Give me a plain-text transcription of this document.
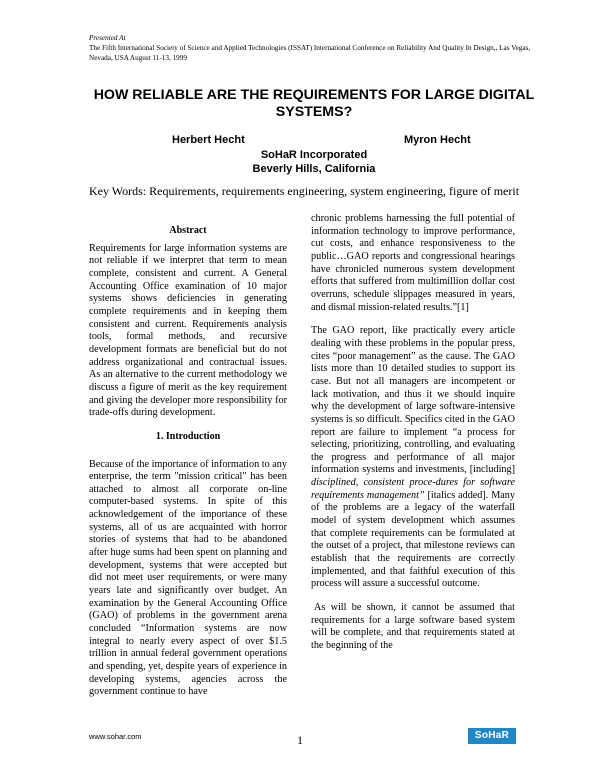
Presented At
The Fifth International Society of Science and Applied Technologies (ISSAT) International Conference on Reliability And Quality In Design,, Las Vegas, Nevada, USA August 11-13, 1999
HOW RELIABLE ARE THE REQUIREMENTS FOR LARGE DIGITAL SYSTEMS?
Herbert Hecht	Myron Hecht
SoHaR Incorporated
Beverly Hills, California
Key Words: Requirements, requirements engineering, system engineering, figure of merit
Abstract

Requirements for large information systems are not reliable if we interpret that term to mean complete, consistent and current. A General Accounting Office examination of 10 major systems shows deficiencies in generating complete requirements and in keeping them consistent and current. Requirements analysis tools, formal methods, and recursive development formats are beneficial but do not address organizational and contractual issues. As an alternative to the current methodology we discuss a figure of merit as the key requirement and giving the developer more responsibility for trade-offs during development.

1. Introduction

Because of the importance of information to any enterprise, the term "mission critical" has been attached to almost all corporate on-line computer-based systems. In spite of this acknowledgement of the importance of these systems, all of us are acquainted with horror stories of systems that had to be abandoned after huge sums had been spent on planning and development, systems that were accepted but did not meet user requirements, or were many years late and significantly over budget. An examination by the General Accounting Office (GAO) of problems in the government arena concluded “Information systems are now integral to nearly every aspect of over $1.5 trillion in annual federal government operations and spending, yet, despite years of experience in developing systems, agencies across the government continue to have

chronic problems harnessing the full potential of information technology to improve performance, cut costs, and enhance responsiveness to the public…GAO reports and congressional hearings have chronicled numerous system development efforts that suffered from multimillion dollar cost overruns, schedule slippages measured in years, and dismal mission-related results.”[1]

The GAO report, like practically every article dealing with these problems in the popular press, cites “poor management” as the cause. The GAO lists more than 10 detailed studies to support its case. But not all managers are incompetent or lack motivation, and thus it we should inquire why the development of large software-intensive systems is so difficult. Specifics cited in the GAO report are failure to implement “a process for selecting, prioritizing, controlling, and evaluating the progress and performance of all major information systems and investments, [including] disciplined, consistent proce-dures for software requirements management” [italics added]. Many of the problems are a legacy of the waterfall model of system development which assumes that complete requirements can be formulated at the outset of a project, that milestone reviews can establish that the requirements are correctly implemented, and that faithful execution of this process will assure a successful outcome.

As will be shown, it cannot be assumed that requirements for a large software based system will be complete, and that requirements stated at the beginning of the

www.sohar.com	1	SoHaR
